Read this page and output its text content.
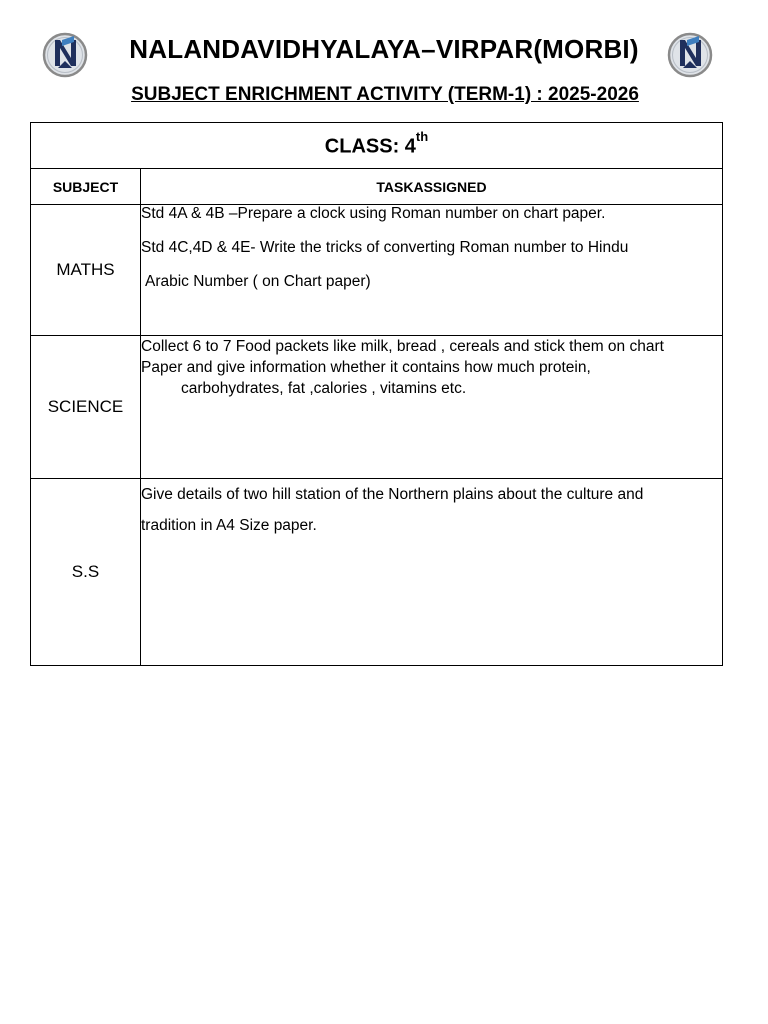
N	NALANDAVIDHYALAYA–VIRPAR(MORBI)
SUBJECT ENRICHMENT ACTIVITY (TERM-1) : 2025-2026
CLASS: 4th
SUBJECT	TASKASSIGNED
MATHS	Std 4A & 4B –Prepare a clock using Roman number on chart paper.

Std 4C,4D & 4E- Write the tricks of converting Roman number to Hindu

Arabic Number ( on Chart paper)

SCIENCE	Collect 6 to 7 Food packets like milk, bread , cereals and stick them on chart

Paper and give information whether it contains how much protein,

carbohydrates, fat ,calories , vitamins etc.

S.S	Give details of two hill station of the Northern plains about the culture and

tradition in A4 Size paper.
